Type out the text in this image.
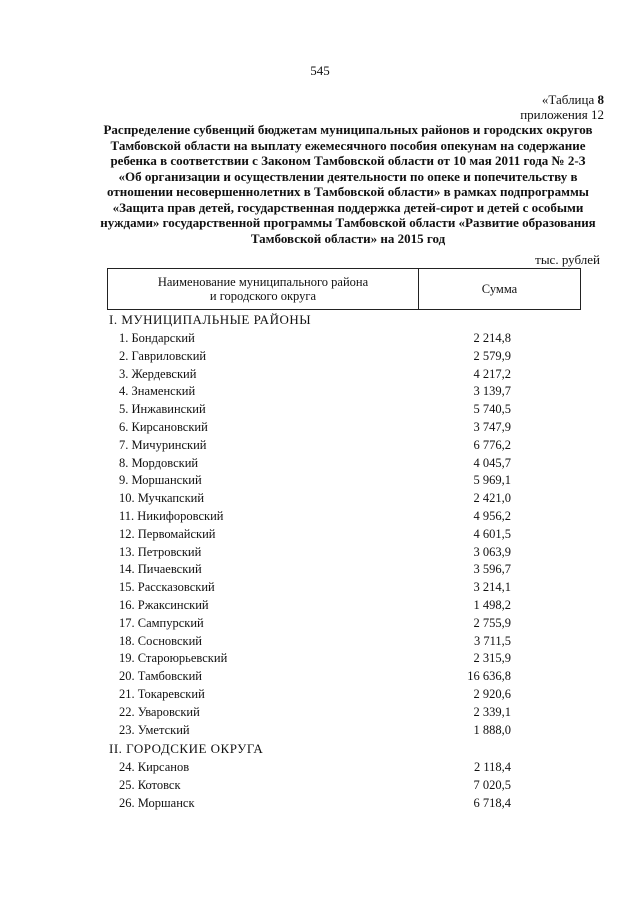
545
«Таблица 8
приложения 12
Распределение субвенций бюджетам муниципальных районов и городских округов Тамбовской области на выплату ежемесячного пособия опекунам на содержание ребенка в соответствии с Законом Тамбовской области от 10 мая 2011 года № 2-З «Об организации и осуществлении деятельности по опеке и попечительству в отношении несовершеннолетних в Тамбовской области» в рамках подпрограммы «Защита прав детей, государственная поддержка детей-сирот и детей с особыми нуждами» государственной программы Тамбовской области «Развитие образования Тамбовской области» на 2015 год
тыс. рублей
Наименование муниципального района
и городского округа
Сумма
I. МУНИЦИПАЛЬНЫЕ РАЙОНЫ
1. Бондарский	2 214,8
2. Гавриловский	2 579,9
3. Жердевский	4 217,2
4. Знаменский	3 139,7
5. Инжавинский	5 740,5
6. Кирсановский	3 747,9
7. Мичуринский	6 776,2
8. Мордовский	4 045,7
9. Моршанский	5 969,1
10. Мучкапский	2 421,0
11. Никифоровский	4 956,2
12. Первомайский	4 601,5
13. Петровский	3 063,9
14. Пичаевский	3 596,7
15. Рассказовский	3 214,1
16. Ржаксинский	1 498,2
17. Сампурский	2 755,9
18. Сосновский	3 711,5
19. Староюрьевский	2 315,9
20. Тамбовский	16 636,8
21. Токаревский	2 920,6
22. Уваровский	2 339,1
23. Уметский	1 888,0
II. ГОРОДСКИЕ ОКРУГА
24. Кирсанов	2 118,4
25. Котовск	7 020,5
26. Моршанск	6 718,4
